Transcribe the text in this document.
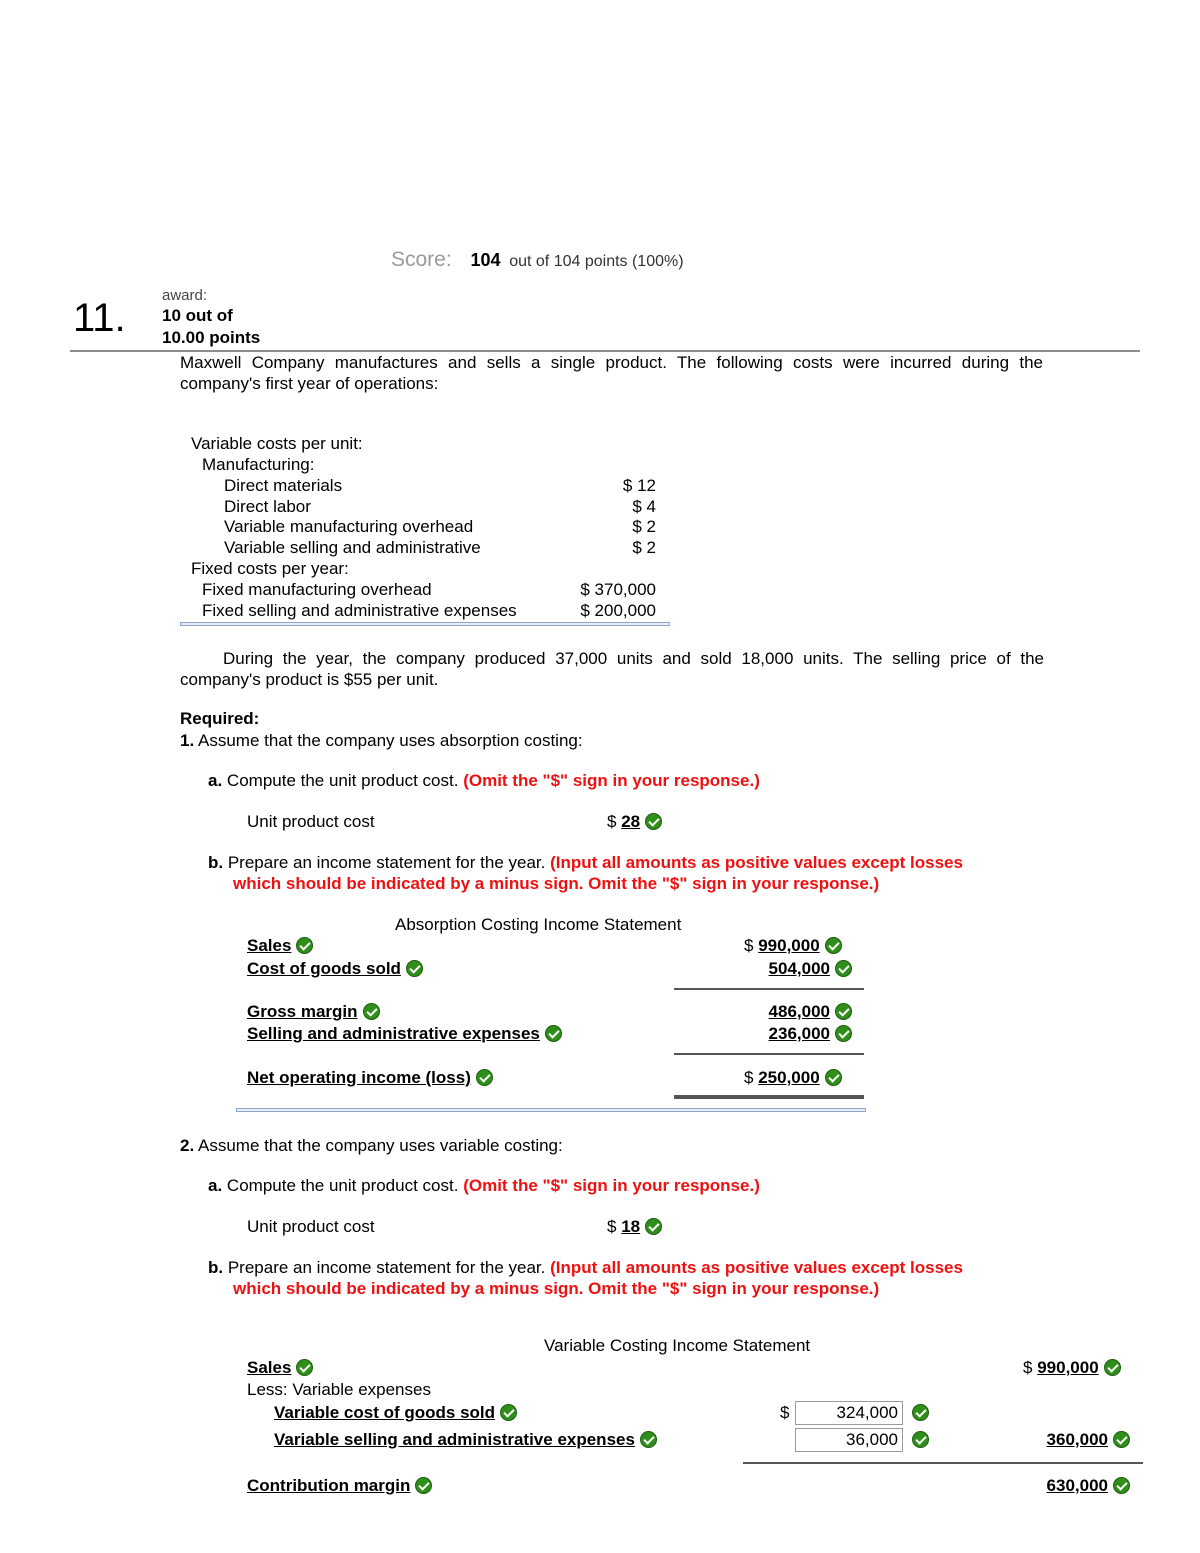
Score: 104 out of 104 points (100%)
11.
award:
10 out of
10.00 points
Maxwell Company manufactures and sells a single product. The following costs were incurred during the company's first year of operations:
Variable costs per unit:
Manufacturing:
Direct materials	$ 12
Direct labor	$ 4
Variable manufacturing overhead	$ 2
Variable selling and administrative	$ 2
Fixed costs per year:
Fixed manufacturing overhead	$ 370,000
Fixed selling and administrative expenses	$ 200,000
During the year, the company produced 37,000 units and sold 18,000 units. The selling price of the company's product is $55 per unit.
Required:
1. Assume that the company uses absorption costing:
a. Compute the unit product cost. (Omit the "$" sign in your response.)
Unit product cost	$ 28
b. Prepare an income statement for the year. (Input all amounts as positive values except losses
which should be indicated by a minus sign. Omit the "$" sign in your response.)
Absorption Costing Income Statement
Sales	$ 990,000
Cost of goods sold	504,000
Gross margin	486,000
Selling and administrative expenses	236,000
Net operating income (loss)	$ 250,000
2. Assume that the company uses variable costing:
a. Compute the unit product cost. (Omit the "$" sign in your response.)
Unit product cost	$ 18
b. Prepare an income statement for the year. (Input all amounts as positive values except losses
which should be indicated by a minus sign. Omit the "$" sign in your response.)
Variable Costing Income Statement
Sales	$ 990,000
Less: Variable expenses
Variable cost of goods sold	$	324,000
Variable selling and administrative expenses	36,000	360,000
Contribution margin	630,000
